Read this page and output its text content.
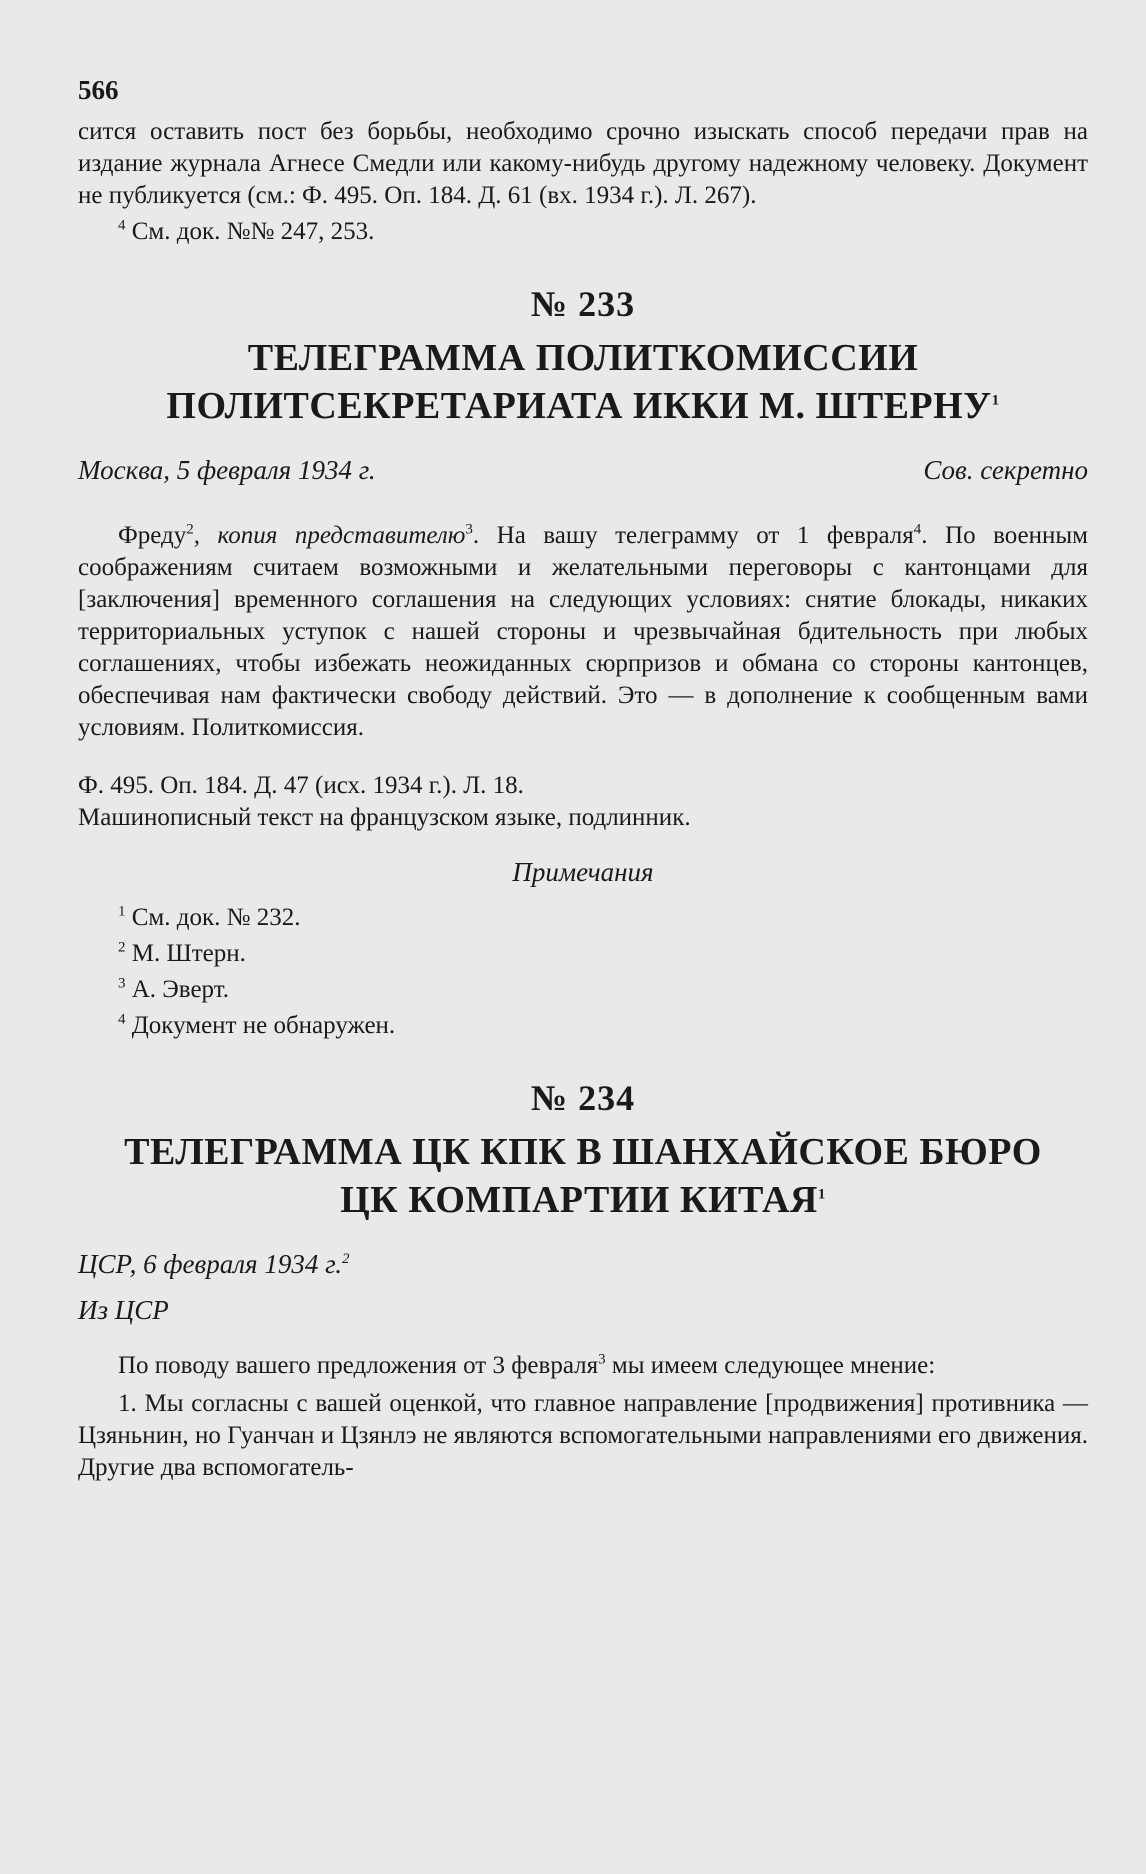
566

сится оставить пост без борьбы, необходимо срочно изыскать способ передачи прав на издание журнала Агнесе Смедли или какому-нибудь другому надежному человеку. Документ не публикуется (см.: Ф. 495. Оп. 184. Д. 61 (вх. 1934 г.). Л. 267).

$^4$ См. док. №№ 247, 253.

№ 233
ТЕЛЕГРАММА ПОЛИТКОМИССИИ
ПОЛИТСЕКРЕТАРИАТА ИККИ М. ШТЕРНУ$^1$
Москва, 5 февраля 1934 г.	Сов. секретно

Фреду$^2$, копия представителю$^3$. На вашу телеграмму от 1 февраля$^4$. По военным соображениям считаем возможными и желательными переговоры с кантонцами для [заключения] временного соглашения на следующих условиях: снятие блокады, никаких территориальных уступок с нашей стороны и чрезвычайная бдительность при любых соглашениях, чтобы избежать неожиданных сюрпризов и обмана со стороны кантонцев, обеспечивая нам фактически свободу действий. Это — в дополнение к сообщенным вами условиям. Политкомиссия.

Ф. 495. Оп. 184. Д. 47 (исх. 1934 г.). Л. 18.

Машинописный текст на французском языке, подлинник.

Примечания

$^1$ См. док. № 232.

$^2$ М. Штерн.

$^3$ А. Эверт.

$^4$ Документ не обнаружен.

№ 234
ТЕЛЕГРАММА ЦК КПК В ШАНХАЙСКОЕ БЮРО
ЦК КОМПАРТИИ КИТАЯ$^1$
ЦСР, 6 февраля 1934 г.$^2$
Из ЦСР

По поводу вашего предложения от 3 февраля$^3$ мы имеем следующее мнение:

1. Мы согласны с вашей оценкой, что главное направление [продвижения] противника — Цзяньнин, но Гуанчан и Цзянлэ не являются вспомогательными направлениями его движения. Другие два вспомогатель-
